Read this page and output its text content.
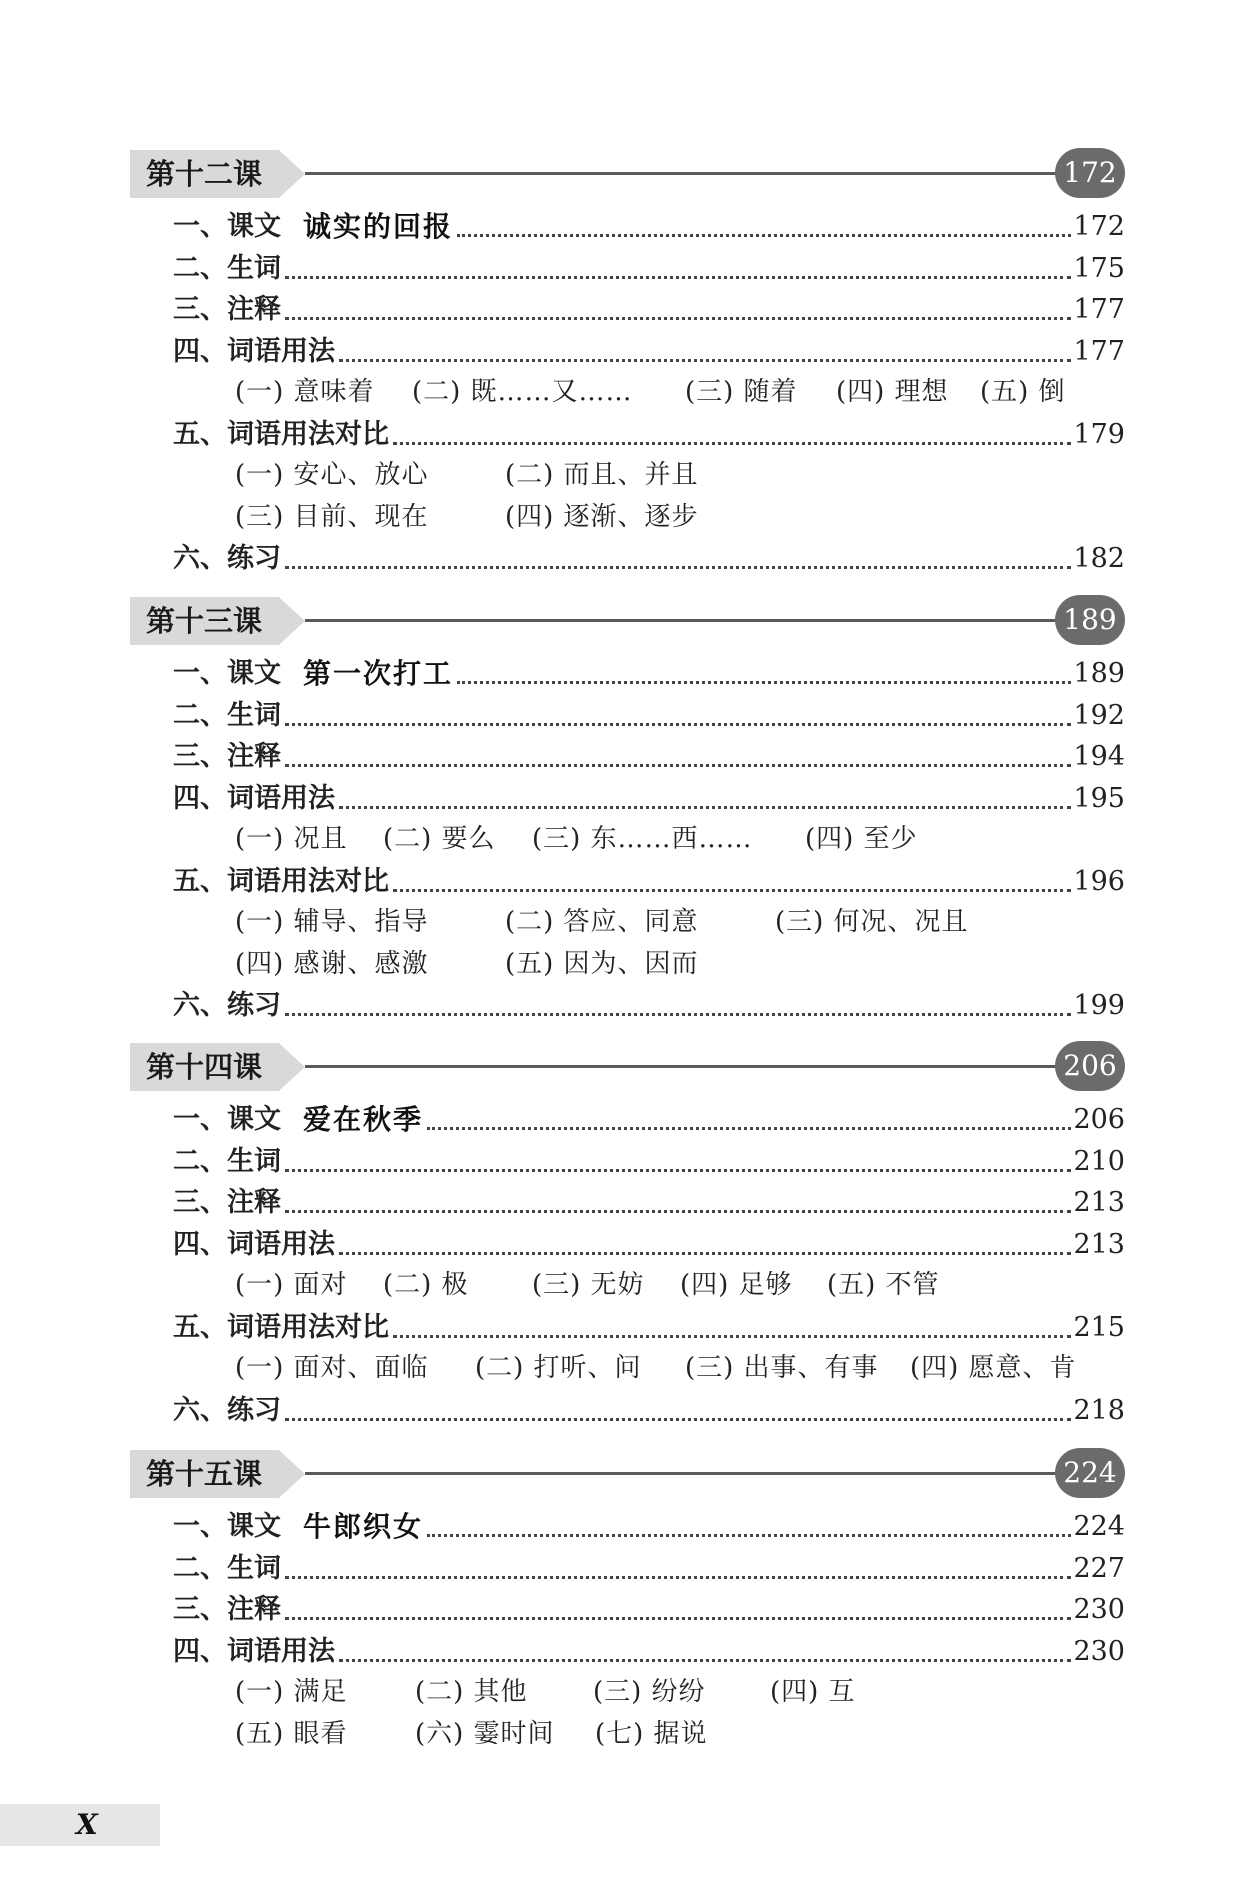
第十二课	172
一、课文 诚实的回报	172
二、生词	175
三、注释	177
四、词语用法	177
(一) 意味着 (二) 既……又…… (三) 随着 (四) 理想 (五) 倒
五、词语用法对比	179
(一) 安心、放心	(二) 而且、并且
(三) 目前、现在	(四) 逐渐、逐步
六、练习	182
第十三课	189
一、课文 第一次打工	189
二、生词	192
三、注释	194
四、词语用法	195
(一) 况且 (二) 要么 (三) 东……西…… (四) 至少
五、词语用法对比	196
(一) 辅导、指导	(二) 答应、同意	(三) 何况、况且
(四) 感谢、感激	(五) 因为、因而
六、练习	199
第十四课	206
一、课文 爱在秋季	206
二、生词	210
三、注释	213
四、词语用法	213
(一) 面对 (二) 极 (三) 无妨 (四) 足够 (五) 不管
五、词语用法对比	215
(一) 面对、面临 (二) 打听、问 (三) 出事、有事 (四) 愿意、肯
六、练习	218
第十五课	224
一、课文 牛郎织女	224
二、生词	227
三、注释	230
四、词语用法	230
(一) 满足	(二) 其他	(三) 纷纷 (四) 互
(五) 眼看	(六) 霎时间 (七) 据说
X
